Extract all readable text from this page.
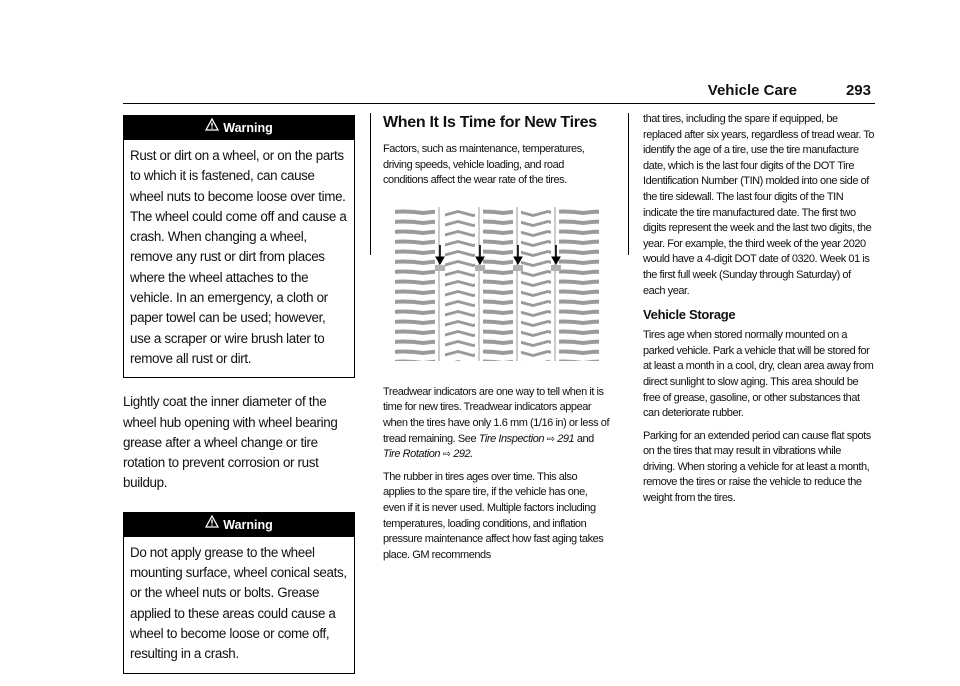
Vehicle Care	293
Warning
Rust or dirt on a wheel, or on the parts to which it is fastened, can cause wheel nuts to become loose over time. The wheel could come off and cause a crash. When changing a wheel, remove any rust or dirt from places where the wheel attaches to the vehicle. In an emergency, a cloth or paper towel can be used; however, use a scraper or wire brush later to remove all rust or dirt.
Lightly coat the inner diameter of the wheel hub opening with wheel bearing grease after a wheel change or tire rotation to prevent corrosion or rust buildup.
Warning
Do not apply grease to the wheel mounting surface, wheel conical seats, or the wheel nuts or bolts. Grease applied to these areas could cause a wheel to become loose or come off, resulting in a crash.
When It Is Time for New Tires
Factors, such as maintenance, temperatures, driving speeds, vehicle loading, and road conditions affect the wear rate of the tires.
Treadwear indicators are one way to tell when it is time for new tires. Treadwear indicators appear when the tires have only 1.6 mm (1/16 in) or less of tread remaining. See Tire Inspection ⇨ 291 and
Tire Rotation ⇨ 292.
The rubber in tires ages over time. This also applies to the spare tire, if the vehicle has one, even if it is never used. Multiple factors including temperatures, loading conditions, and inflation pressure maintenance affect how fast aging takes place. GM recommends
that tires, including the spare if equipped, be replaced after six years, regardless of tread wear. To identify the age of a tire, use the tire manufacture date, which is the last four digits of the DOT Tire Identification Number (TIN) molded into one side of the tire sidewall. The last four digits of the TIN indicate the tire manufactured date. The first two digits represent the week and the last two digits, the year. For example, the third week of the year 2020 would have a 4-digit DOT date of 0320. Week 01 is the first full week (Sunday through Saturday) of each year.
Vehicle Storage
Tires age when stored normally mounted on a parked vehicle. Park a vehicle that will be stored for at least a month in a cool, dry, clean area away from direct sunlight to slow aging. This area should be free of grease, gasoline, or other substances that can deteriorate rubber.
Parking for an extended period can cause flat spots on the tires that may result in vibrations while driving. When storing a vehicle for at least a month, remove the tires or raise the vehicle to reduce the weight from the tires.
